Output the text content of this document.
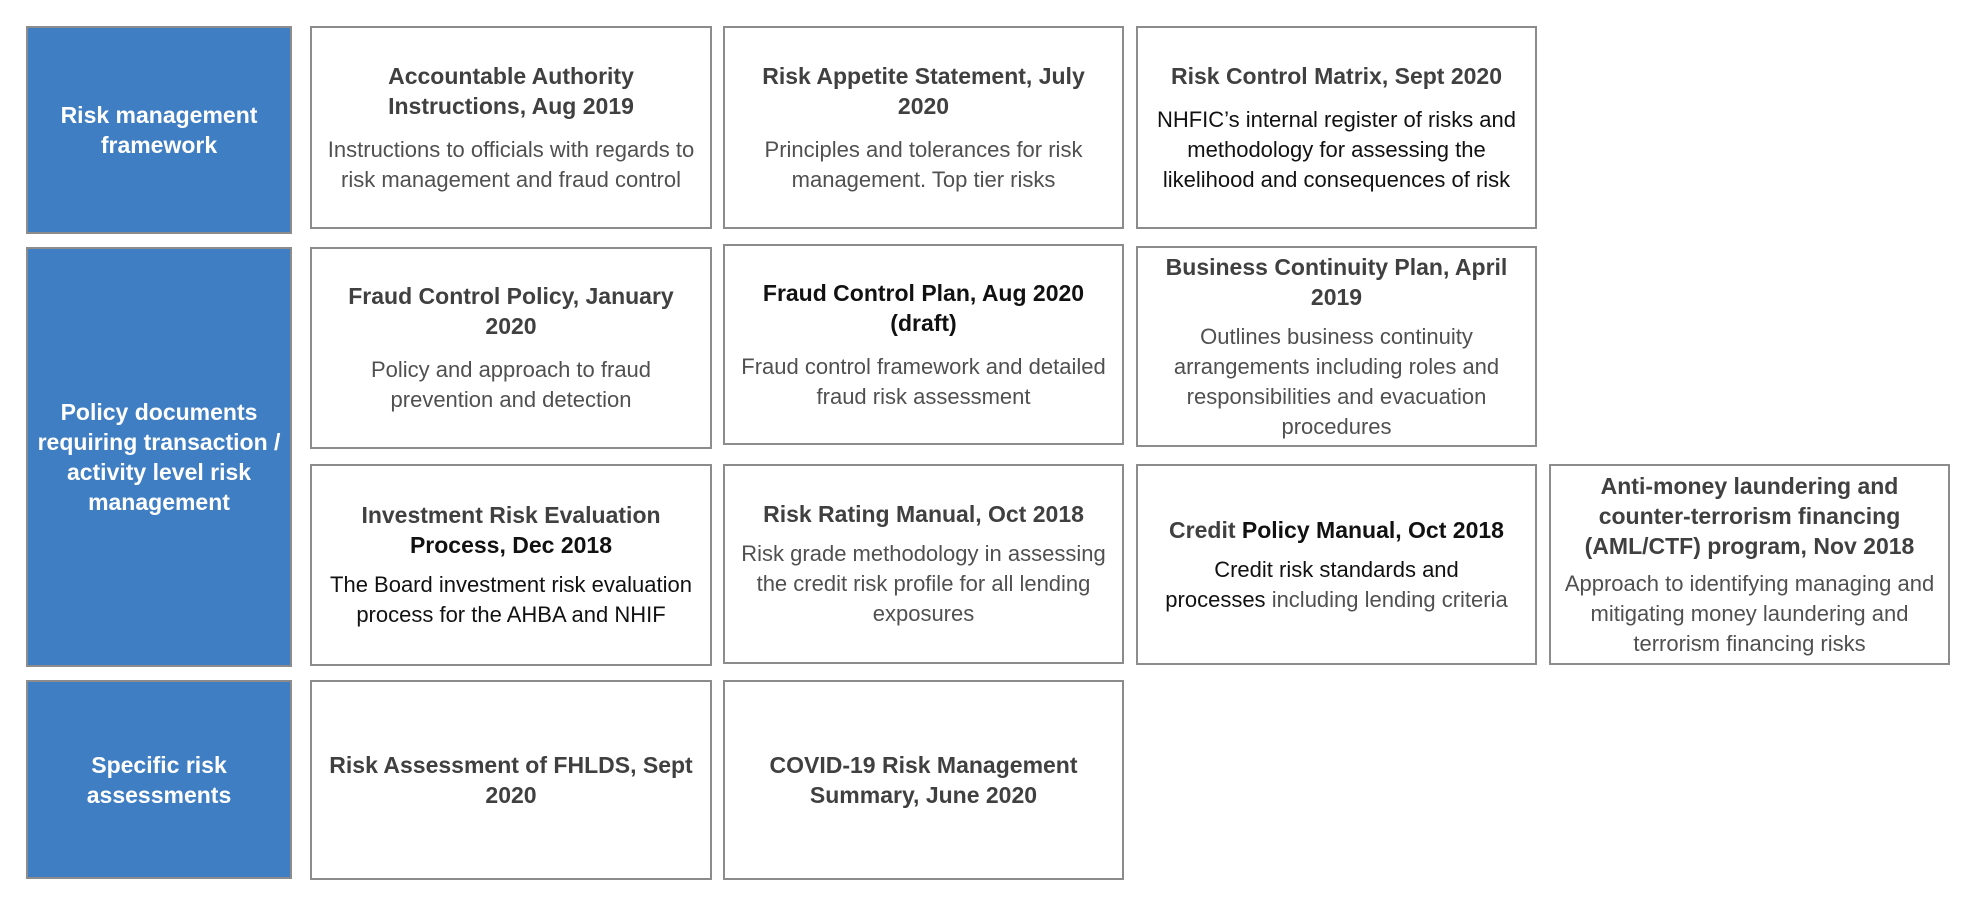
Risk management framework
Policy documents requiring transaction / activity level risk management
Specific risk assessments
Accountable Authority Instructions, Aug 2019
Instructions to officials with regards to risk management and fraud control
Risk Appetite Statement, July 2020
Principles and tolerances for risk management. Top tier risks
Risk Control Matrix, Sept 2020
NHFIC’s internal register of risks and methodology for assessing the likelihood and consequences of risk
Fraud Control Policy, January 2020
Policy and approach to fraud prevention and detection
Fraud Control Plan, Aug 2020 (draft)
Fraud control framework and detailed fraud risk assessment
Business Continuity Plan, April 2019
Outlines business continuity arrangements including roles and responsibilities and evacuation procedures
Investment Risk Evaluation
Process, Dec 2018
The Board investment risk evaluation process for the AHBA and NHIF
Risk Rating Manual, Oct 2018
Risk grade methodology in assessing the credit risk profile for all lending exposures
Credit Policy Manual, Oct 2018
Credit risk standards and
processes including lending criteria
Anti-money laundering and counter-terrorism financing (AML/CTF) program, Nov 2018
Approach to identifying managing and mitigating money laundering and terrorism financing risks
Risk Assessment of FHLDS, Sept 2020
COVID-19 Risk Management Summary, June 2020
